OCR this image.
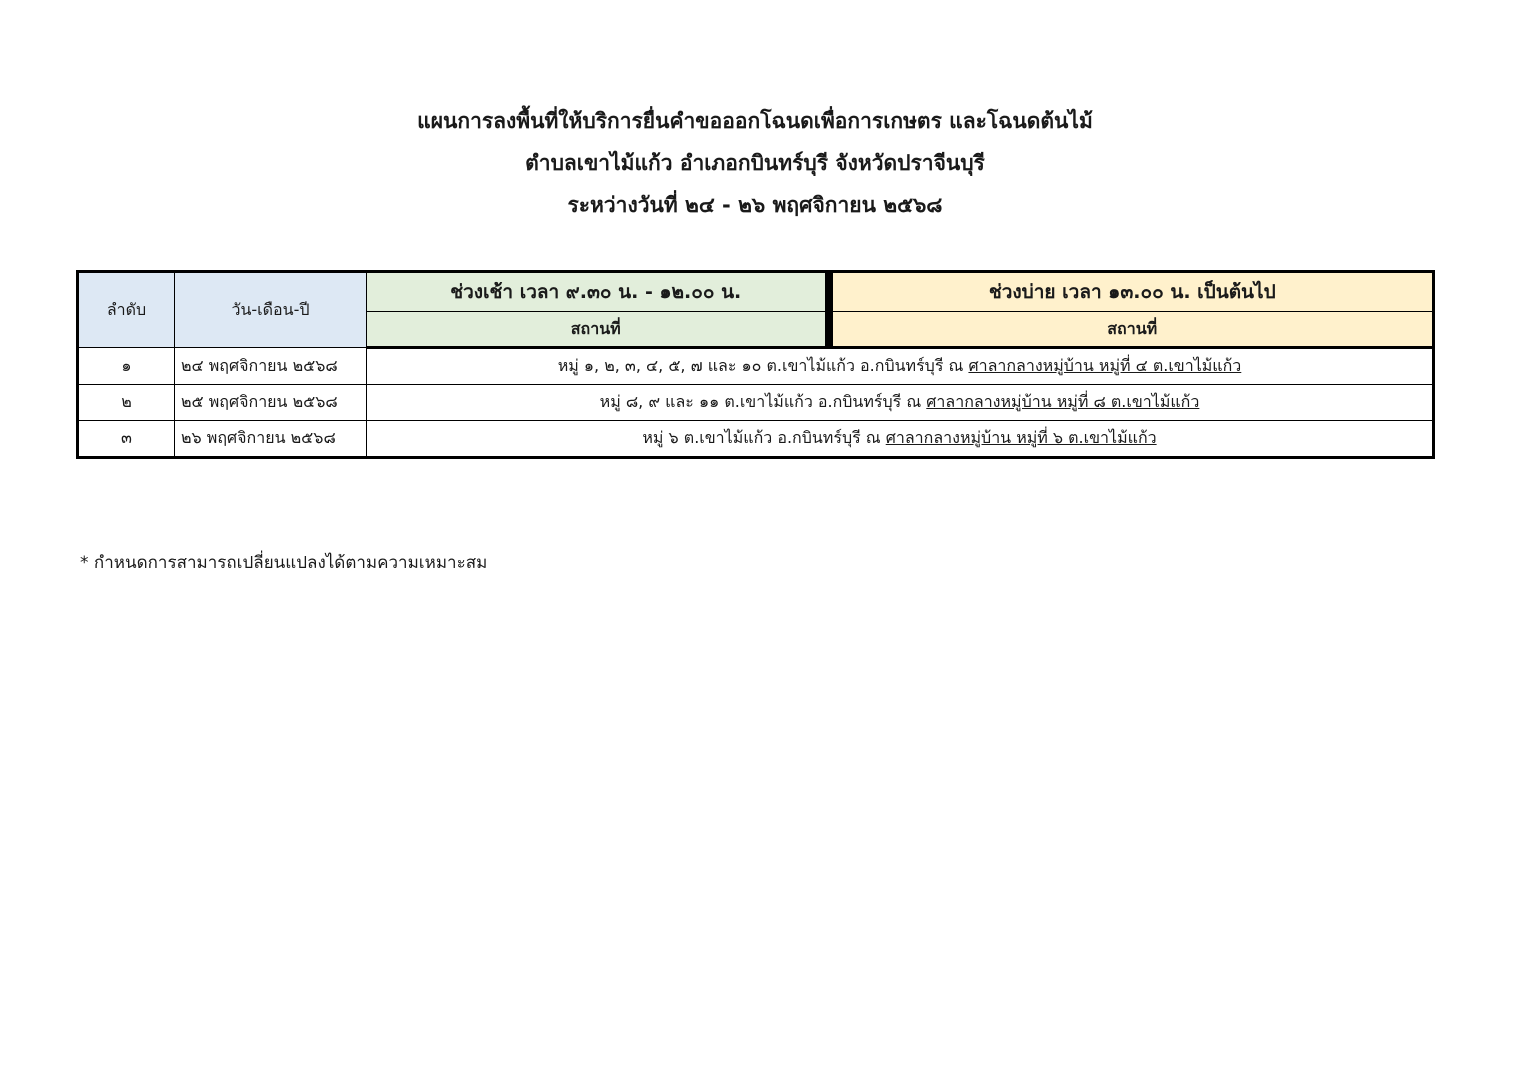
แผนการลงพื้นที่ให้บริการยื่นคำขอออกโฉนดเพื่อการเกษตร และโฉนดต้นไม้
ตำบลเขาไม้แก้ว อำเภอกบินทร์บุรี จังหวัดปราจีนบุรี
ระหว่างวันที่ ๒๔ - ๒๖ พฤศจิกายน ๒๕๖๘
ลำดับ	วัน-เดือน-ปี	ช่วงเช้า เวลา ๙.๓๐ น. - ๑๒.๐๐ น.	ช่วงบ่าย เวลา ๑๓.๐๐ น. เป็นต้นไป
		สถานที่	สถานที่
๑	๒๔ พฤศจิกายน ๒๕๖๘	หมู่ ๑, ๒, ๓, ๔, ๕, ๗ และ ๑๐ ต.เขาไม้แก้ว อ.กบินทร์บุรี ณ ศาลากลางหมู่บ้าน หมู่ที่ ๔ ต.เขาไม้แก้ว	
๒	๒๕ พฤศจิกายน ๒๕๖๘	หมู่ ๘, ๙ และ ๑๑ ต.เขาไม้แก้ว อ.กบินทร์บุรี ณ ศาลากลางหมู่บ้าน หมู่ที่ ๘ ต.เขาไม้แก้ว	
๓	๒๖ พฤศจิกายน ๒๕๖๘	หมู่ ๖ ต.เขาไม้แก้ว อ.กบินทร์บุรี ณ ศาลากลางหมู่บ้าน หมู่ที่ ๖ ต.เขาไม้แก้ว	
* กำหนดการสามารถเปลี่ยนแปลงได้ตามความเหมาะสม
